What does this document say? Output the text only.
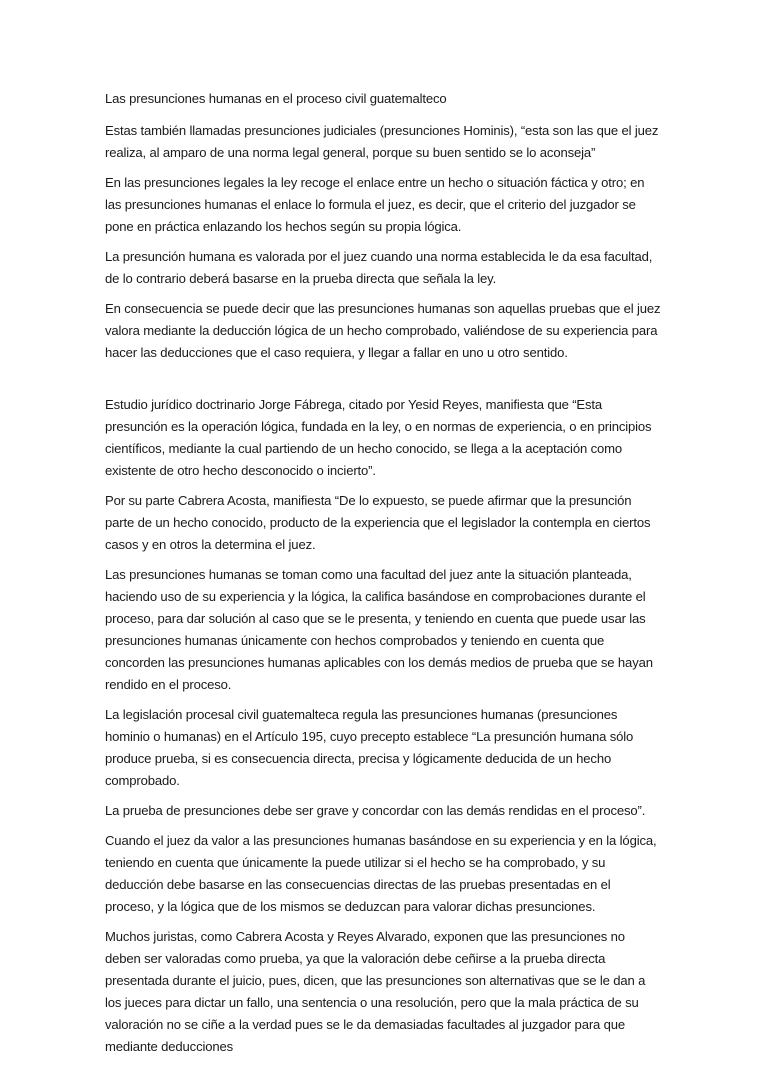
Las presunciones humanas en el proceso civil guatemalteco

Estas también llamadas presunciones judiciales (presunciones Hominis), “esta son las que el juez realiza, al amparo de una norma legal general, porque su buen sentido se lo aconseja”

En las presunciones legales la ley recoge el enlace entre un hecho o situación fáctica y otro; en las presunciones humanas el enlace lo formula el juez, es decir, que el criterio del juzgador se pone en práctica enlazando los hechos según su propia lógica.

La presunción humana es valorada por el juez cuando una norma establecida le da esa facultad, de lo contrario deberá basarse en la prueba directa que señala la ley.

En consecuencia se puede decir que las presunciones humanas son aquellas pruebas que el juez valora mediante la deducción lógica de un hecho comprobado, valiéndose de su experiencia para hacer las deducciones que el caso requiera, y llegar a fallar en uno u otro sentido.

Estudio jurídico doctrinario Jorge Fábrega, citado por Yesid Reyes, manifiesta que “Esta presunción es la operación lógica, fundada en la ley, o en normas de experiencia, o en principios científicos, mediante la cual partiendo de un hecho conocido, se llega a la aceptación como existente de otro hecho desconocido o incierto”.

Por su parte Cabrera Acosta, manifiesta “De lo expuesto, se puede afirmar que la presunción parte de un hecho conocido, producto de la experiencia que el legislador la contempla en ciertos casos y en otros la determina el juez.

Las presunciones humanas se toman como una facultad del juez ante la situación planteada, haciendo uso de su experiencia y la lógica, la califica basándose en comprobaciones durante el proceso, para dar solución al caso que se le presenta, y teniendo en cuenta que puede usar las presunciones humanas únicamente con hechos comprobados y teniendo en cuenta que concorden las presunciones humanas aplicables con los demás medios de prueba que se hayan rendido en el proceso.

La legislación procesal civil guatemalteca regula las presunciones humanas (presunciones hominio o humanas) en el Artículo 195, cuyo precepto establece “La presunción humana sólo produce prueba, si es consecuencia directa, precisa y lógicamente deducida de un hecho comprobado.

La prueba de presunciones debe ser grave y concordar con las demás rendidas en el proceso”.

Cuando el juez da valor a las presunciones humanas basándose en su experiencia y en la lógica, teniendo en cuenta que únicamente la puede utilizar si el hecho se ha comprobado, y su deducción debe basarse en las consecuencias directas de las pruebas presentadas en el proceso, y la lógica que de los mismos se deduzcan para valorar dichas presunciones.

Muchos juristas, como Cabrera Acosta y Reyes Alvarado, exponen que las presunciones no deben ser valoradas como prueba, ya que la valoración debe ceñirse a la prueba directa presentada durante el juicio, pues, dicen, que las presunciones son alternativas que se le dan a los jueces para dictar un fallo, una sentencia o una resolución, pero que la mala práctica de su valoración no se ciñe a la verdad pues se le da demasiadas facultades al juzgador para que mediante deducciones
